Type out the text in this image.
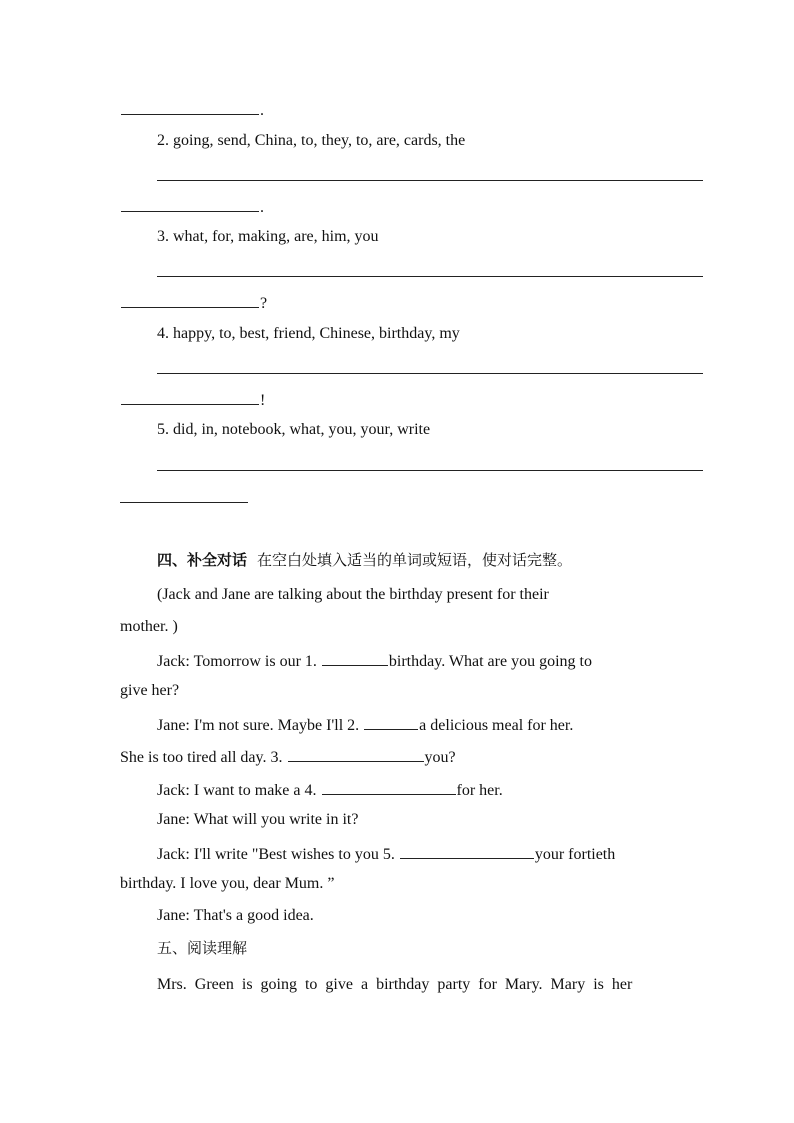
.
2. going, send, China, to, they, to, are, cards, the
.
3. what, for, making, are, him, you
?
4. happy, to, best, friend, Chinese, birthday, my
!
5. did, in, notebook, what, you, your, write
四、补全对话 在空白处填入适当的单词或短语，使对话完整。
(Jack and Jane are talking about the birthday present for their
mother. )
Jack: Tomorrow is our 1.	birthday. What are you going to
give her?
Jane: I'm not sure. Maybe I'll 2.	a delicious meal for her.
She is too tired all day. 3.	you?
Jack: I want to make a 4.	for her.
Jane: What will you write in it?
Jack: I'll write "Best wishes to you 5.	your fortieth
birthday. I love you, dear Mum. ”
Jane: That's a good idea.
五、阅读理解
Mrs.  Green  is  going  to  give  a  birthday  party  for  Mary.  Mary  is  her
